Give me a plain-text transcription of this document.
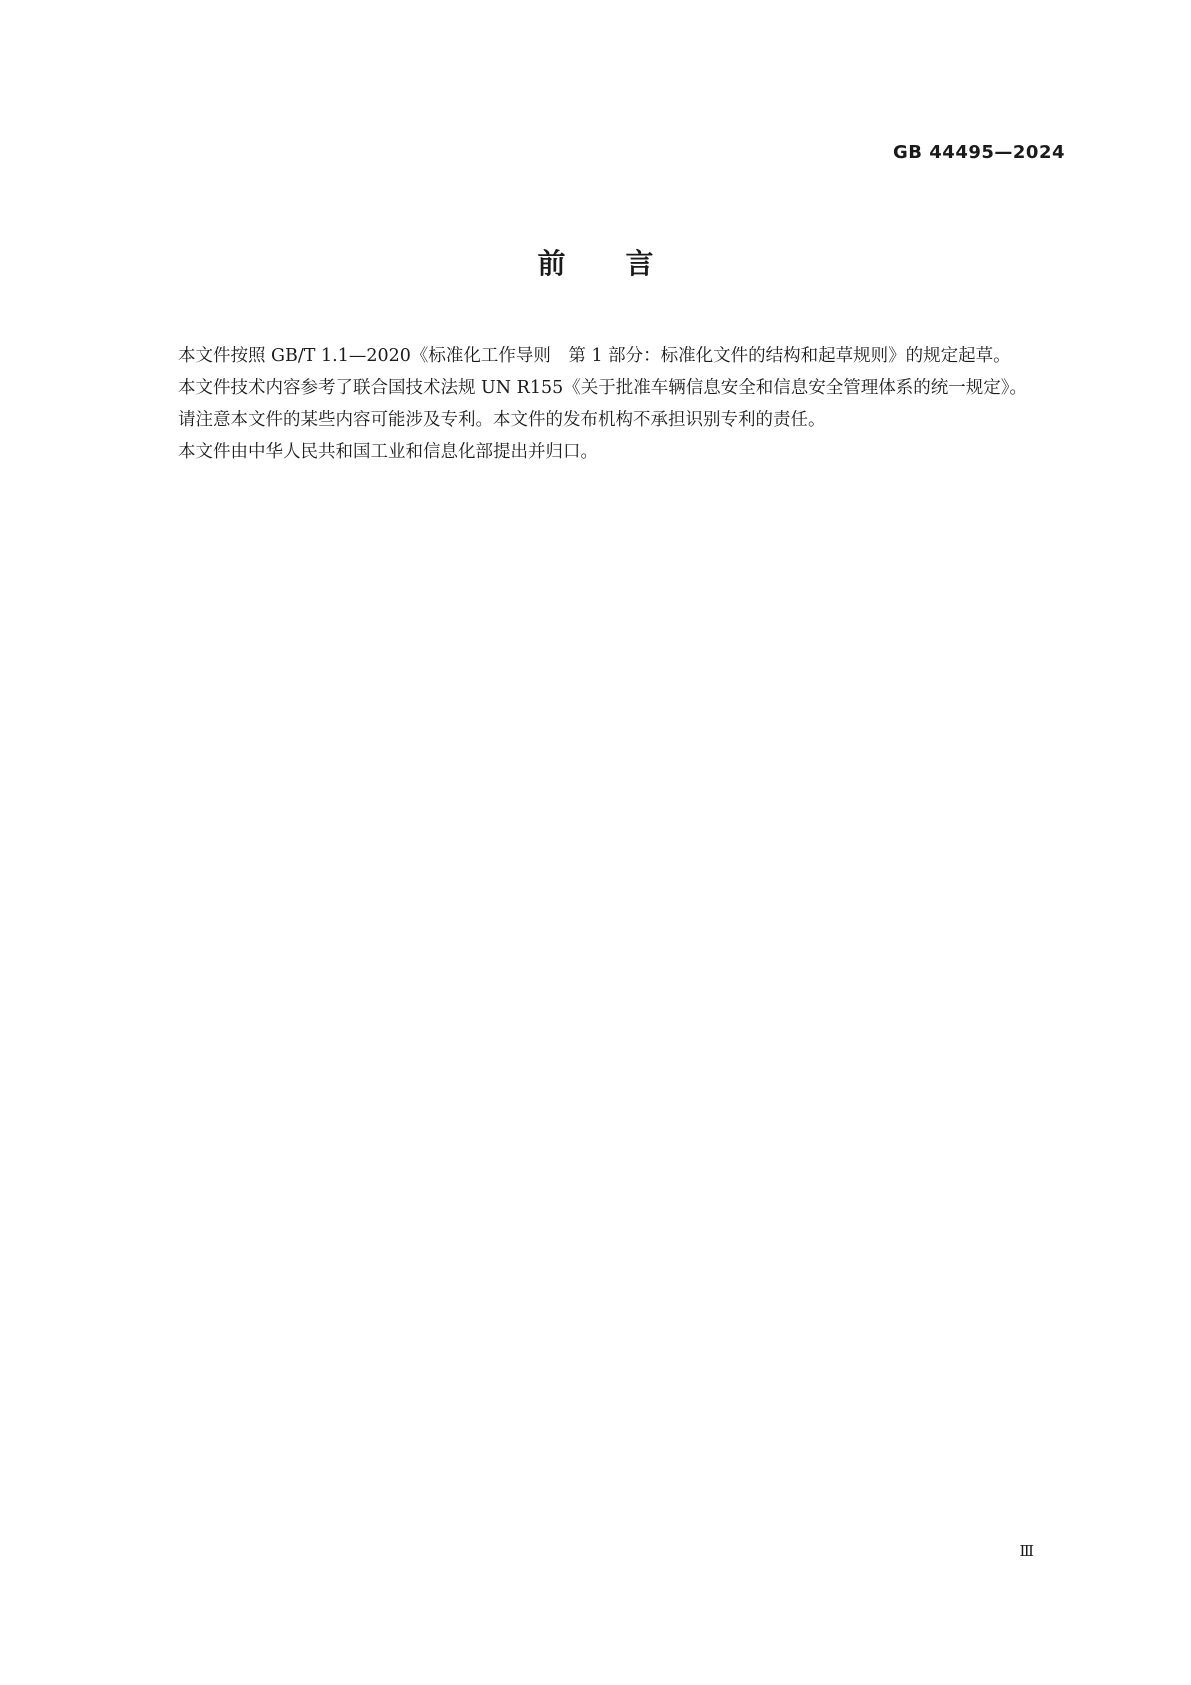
GB 44495—2024
前言

本文件按照 GB/T 1.1—2020《标准化工作导则　第 1 部分：标准化文件的结构和起草规则》的规定起草。

本文件技术内容参考了联合国技术法规 UN R155《关于批准车辆信息安全和信息安全管理体系的统一规定》。

请注意本文件的某些内容可能涉及专利。本文件的发布机构不承担识别专利的责任。

本文件由中华人民共和国工业和信息化部提出并归口。

Ⅲ
